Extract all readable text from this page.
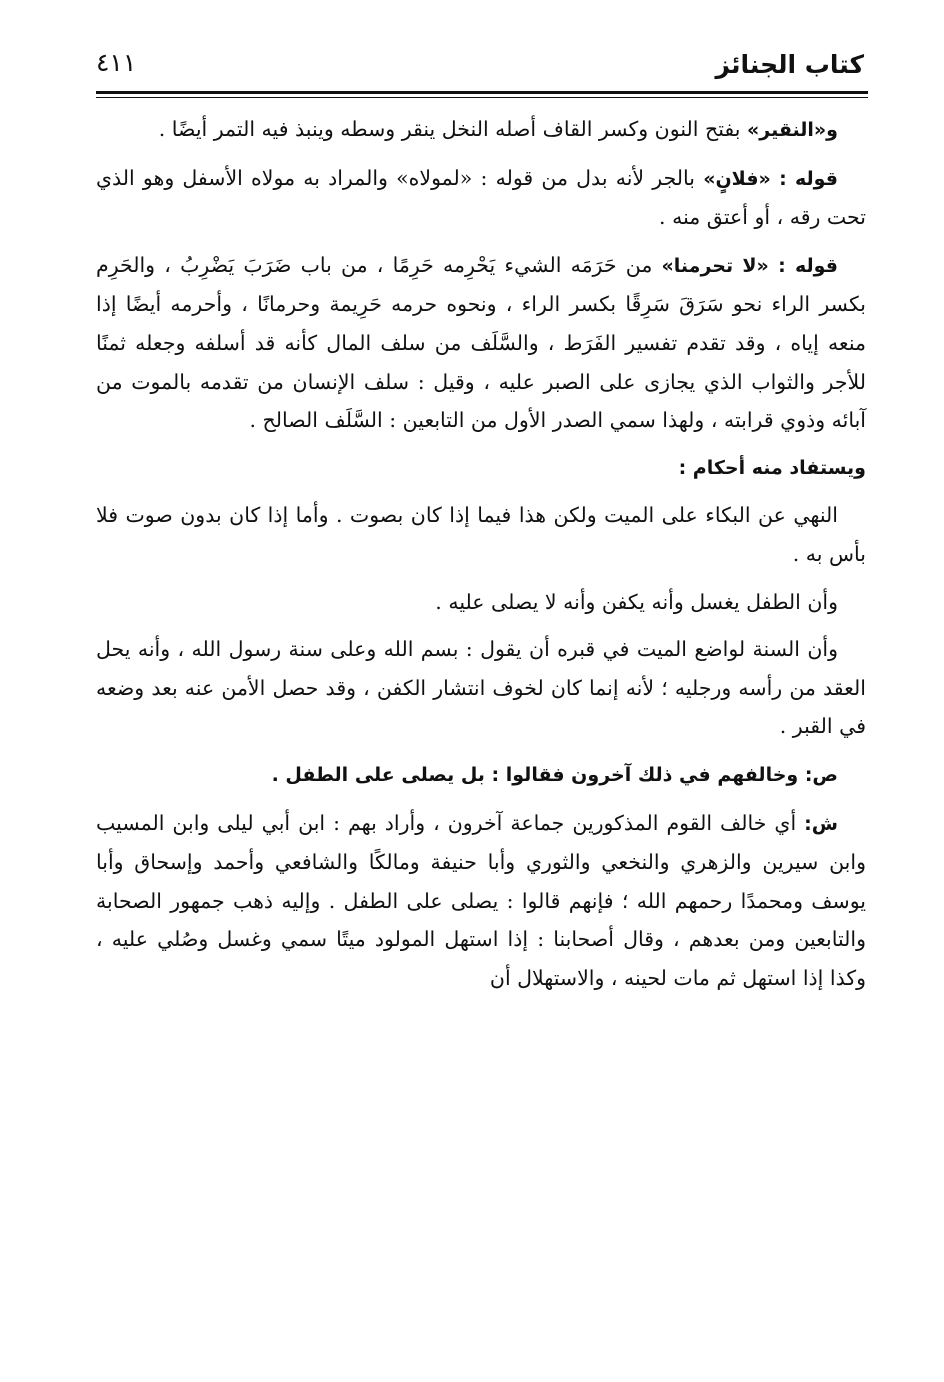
كتاب الجنائز
٤١١

و«النقير» بفتح النون وكسر القاف أصله النخل ينقر وسطه وينبذ فيه التمر أيضًا .

قوله : «فلانٍ» بالجر لأنه بدل من قوله : «لمولاه» والمراد به مولاه الأسفل وهو الذي تحت رقه ، أو أعتق منه .

قوله : «لا تحرمنا» من حَرَمَه الشيء يَحْرِمه حَرِمًا ، من باب ضَرَبَ يَضْرِبُ ، والحَرِم بكسر الراء نحو سَرَقَ سَرِقًا بكسر الراء ، ونحوه حرمه حَرِيمة وحرمانًا ، وأحرمه أيضًا إذا منعه إياه ، وقد تقدم تفسير الفَرَط ، والسَّلَف من سلف المال كأنه قد أسلفه وجعله ثمنًا للأجر والثواب الذي يجازى على الصبر عليه ، وقيل : سلف الإنسان من تقدمه بالموت من آبائه وذوي قرابته ، ولهذا سمي الصدر الأول من التابعين : السَّلَف الصالح .

ويستفاد منه أحكام :

النهي عن البكاء على الميت ولكن هذا فيما إذا كان بصوت . وأما إذا كان بدون صوت فلا بأس به .

وأن الطفل يغسل وأنه يكفن وأنه لا يصلى عليه .

وأن السنة لواضع الميت في قبره أن يقول : بسم الله وعلى سنة رسول الله ، وأنه يحل العقد من رأسه ورجليه ؛ لأنه إنما كان لخوف انتشار الكفن ، وقد حصل الأمن عنه بعد وضعه في القبر .

ص: وخالفهم في ذلك آخرون فقالوا : بل يصلى على الطفل .

ش: أي خالف القوم المذكورين جماعة آخرون ، وأراد بهم : ابن أبي ليلى وابن المسيب وابن سيرين والزهري والنخعي والثوري وأبا حنيفة ومالكًا والشافعي وأحمد وإسحاق وأبا يوسف ومحمدًا رحمهم الله ؛ فإنهم قالوا : يصلى على الطفل . وإليه ذهب جمهور الصحابة والتابعين ومن بعدهم ، وقال أصحابنا : إذا استهل المولود ميتًا سمي وغسل وصُلي عليه ، وكذا إذا استهل ثم مات لحينه ، والاستهلال أن
